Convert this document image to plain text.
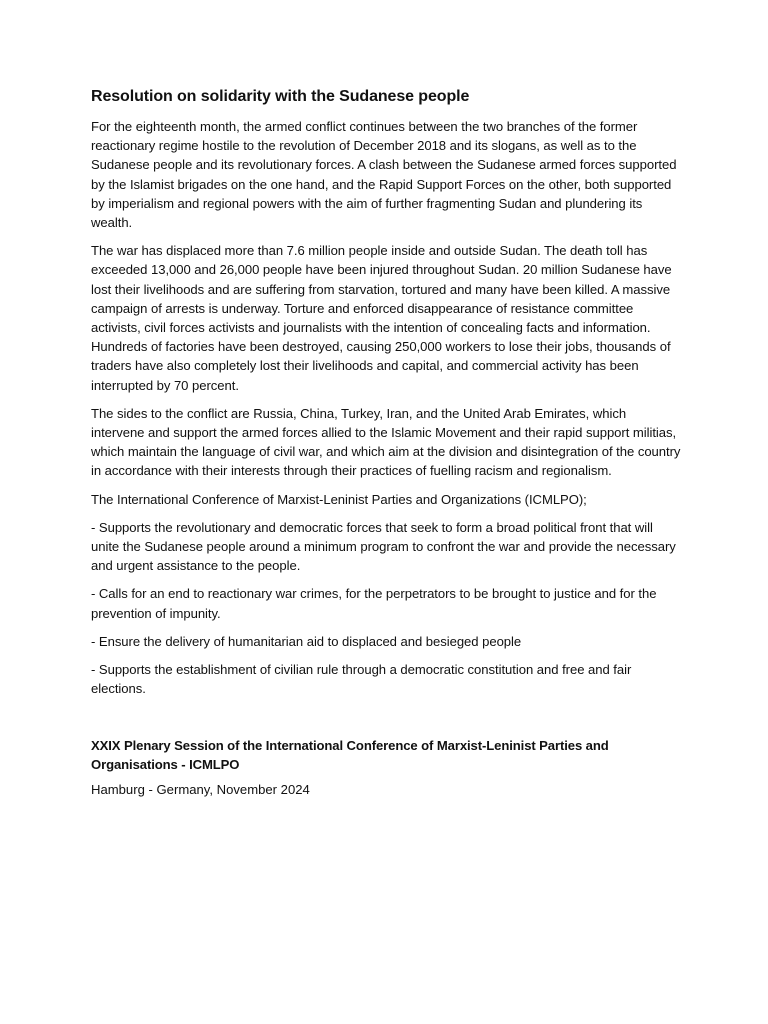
Resolution on solidarity with the Sudanese people

For the eighteenth month, the armed conflict continues between the two branches of the former reactionary regime hostile to the revolution of December 2018 and its slogans, as well as to the Sudanese people and its revolutionary forces. A clash between the Sudanese armed forces supported by the Islamist brigades on the one hand, and the Rapid Support Forces on the other, both supported by imperialism and regional powers with the aim of further fragmenting Sudan and plundering its wealth.

The war has displaced more than 7.6 million people inside and outside Sudan. The death toll has exceeded 13,000 and 26,000 people have been injured throughout Sudan. 20 million Sudanese have lost their livelihoods and are suffering from starvation, tortured and many have been killed. A massive campaign of arrests is underway. Torture and enforced disappearance of resistance committee activists, civil forces activists and journalists with the intention of concealing facts and information. Hundreds of factories have been destroyed, causing 250,000 workers to lose their jobs, thousands of traders have also completely lost their livelihoods and capital, and commercial activity has been interrupted by 70 percent.

The sides to the conflict are Russia, China, Turkey, Iran, and the United Arab Emirates, which intervene and support the armed forces allied to the Islamic Movement and their rapid support militias, which maintain the language of civil war, and which aim at the division and disintegration of the country in accordance with their interests through their practices of fuelling racism and regionalism.

The International Conference of Marxist-Leninist Parties and Organizations (ICMLPO);

- Supports the revolutionary and democratic forces that seek to form a broad political front that will unite the Sudanese people around a minimum program to confront the war and provide the necessary and urgent assistance to the people.

- Calls for an end to reactionary war crimes, for the perpetrators to be brought to justice and for the prevention of impunity.

- Ensure the delivery of humanitarian aid to displaced and besieged people

- Supports the establishment of civilian rule through a democratic constitution and free and fair elections.

XXIX Plenary Session of the International Conference of Marxist-Leninist Parties and Organisations - ICMLPO

Hamburg - Germany, November 2024
